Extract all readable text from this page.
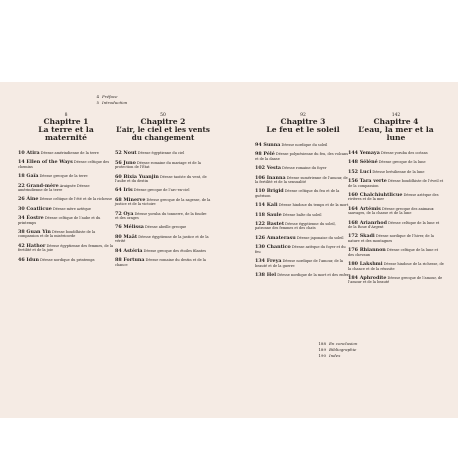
4 Préface
5 Introduction
8
Chapitre 1
La terre et la maternité
10 Atira Déesse amérindienne de la terre
14 Ellen of the Ways Déesse celtique des chemins
18 Gaïa Déesse grecque de la terre
22 Grand-mère Araignée Déesse amérindienne de la terre
26 Áine Déesse celtique de l’été et de la richesse
30 Coatlicue Déesse mère aztèque
34 Éostre Déesse celtique de l’aube et du printemps
38 Guan Yin Déesse bouddhiste de la compassion et de la miséricorde
42 Hathor Déesse égyptienne des femmes, de la fertilité et de la joie
46 Idun Déesse nordique du printemps
50
Chapitre 2
L’air, le ciel et les vents
du changement
52 Nout Déesse égyptienne du ciel
56 Juno Déesse romaine du mariage et de la protection de l’État
60 Bixia Yuanjin Déesse taoïste du vent, de l’aube et du destin
64 Iris Déesse grecque de l’arc-en-ciel
68 Minerve Déesse grecque de la sagesse, de la justice et de la victoire
72 Oya Déesse yoruba du tonnerre, de la foudre et des orages
76 Mélissa Déesse abeille grecque
80 Maât Déesse égyptienne de la justice et de la vérité
84 Astéria Déesse grecque des étoiles filantes
88 Fortuna Déesse romaine du destin et de la chance
92
Chapitre 3
Le feu et le soleil
94 Sunna Déesse nordique du soleil
98 Pélé Déesse polynésienne du feu, des volcans et de la danse
102 Vesta Déesse romaine du foyer
106 Inanna Déesse sumérienne de l’amour, de la fertilité et de la sensualité
110 Brigid Déesse celtique du feu et de la guérison
114 Kali Déesse hindoue du temps et de la mort
118 Saule Déesse balte du soleil
122 Bastet Déesse égyptienne du soleil, patronne des femmes et des chats
126 Amaterasu Déesse japonaise du soleil
130 Chantico Déesse aztèque du foyer et du feu
134 Freya Déesse nordique de l’amour, de la beauté et de la guerre
138 Hel Déesse nordique de la mort et des enfers
142
Chapitre 4
L’eau, la mer et la lune
144 Yemaya Déesse yoruba des océans
148 Séléné Déesse grecque de la lune
152 Luci Déesse brésilienne de la lune
156 Tara verte Déesse bouddhiste de l’éveil et de la compassion
160 Chalchiuhtlicue Déesse aztèque des rivières et de la mer
164 Artémis Déesse grecque des animaux sauvages, de la chasse et de la lune
168 Arianrhod Déesse celtique de la lune et de la Roue d’Argent
172 Skadi Déesse nordique de l’hiver, de la nature et des montagnes
176 Rhiannon Déesse celtique de la lune et des chevaux
180 Lakshmi Déesse hindoue de la richesse, de la chance et de la réussite
184 Aphrodite Déesse grecque de l’amour, de l’amour et de la beauté
188 En conclusion
189 Bibliographie
190 Index
